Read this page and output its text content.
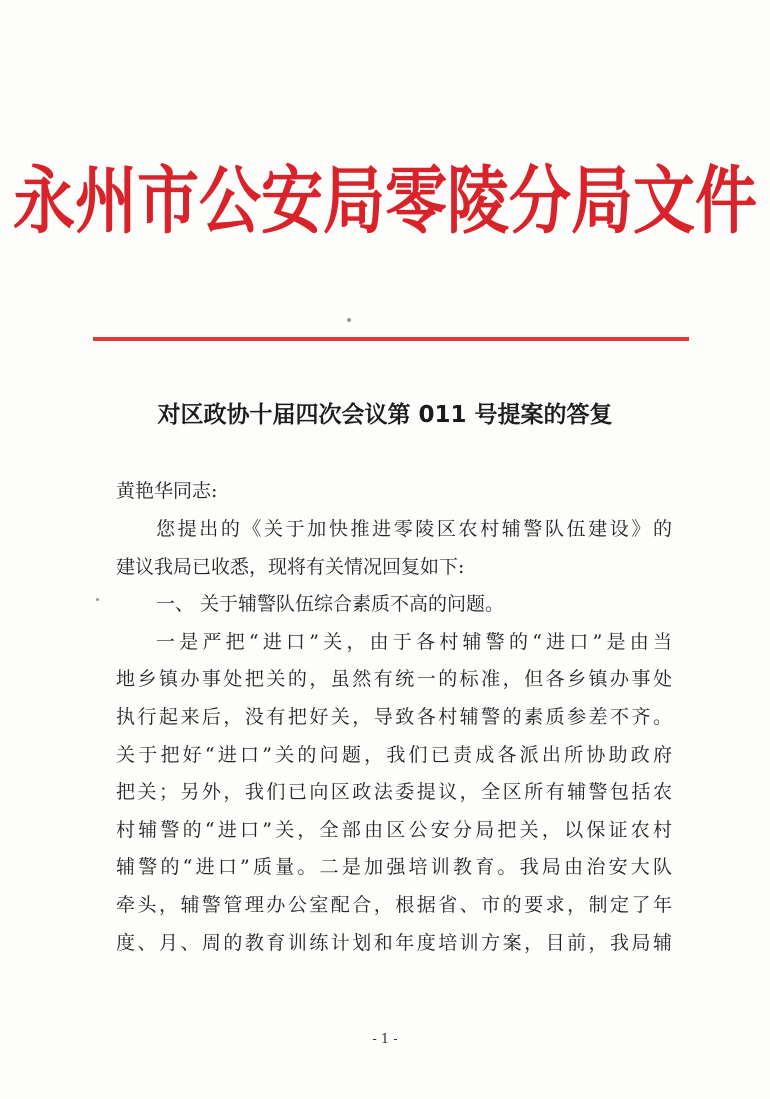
永州市公安局零陵分局文件
对区政协十届四次会议第 011 号提案的答复
黄艳华同志:

您提出的《关于加快推进零陵区农村辅警队伍建设》的

建议我局已收悉，现将有关情况回复如下:

一、 关于辅警队伍综合素质不高的问题。

一是严把“进口”关，由于各村辅警的“进口”是由当

地乡镇办事处把关的，虽然有统一的标准，但各乡镇办事处

执行起来后，没有把好关，导致各村辅警的素质参差不齐。

关于把好“进口”关的问题，我们已责成各派出所协助政府

把关；另外，我们已向区政法委提议，全区所有辅警包括农

村辅警的“进口”关，全部由区公安分局把关，以保证农村

辅警的“进口”质量。二是加强培训教育。我局由治安大队

牵头，辅警管理办公室配合，根据省、市的要求，制定了年

度、月、周的教育训练计划和年度培训方案，目前，我局辅

- 1 -
